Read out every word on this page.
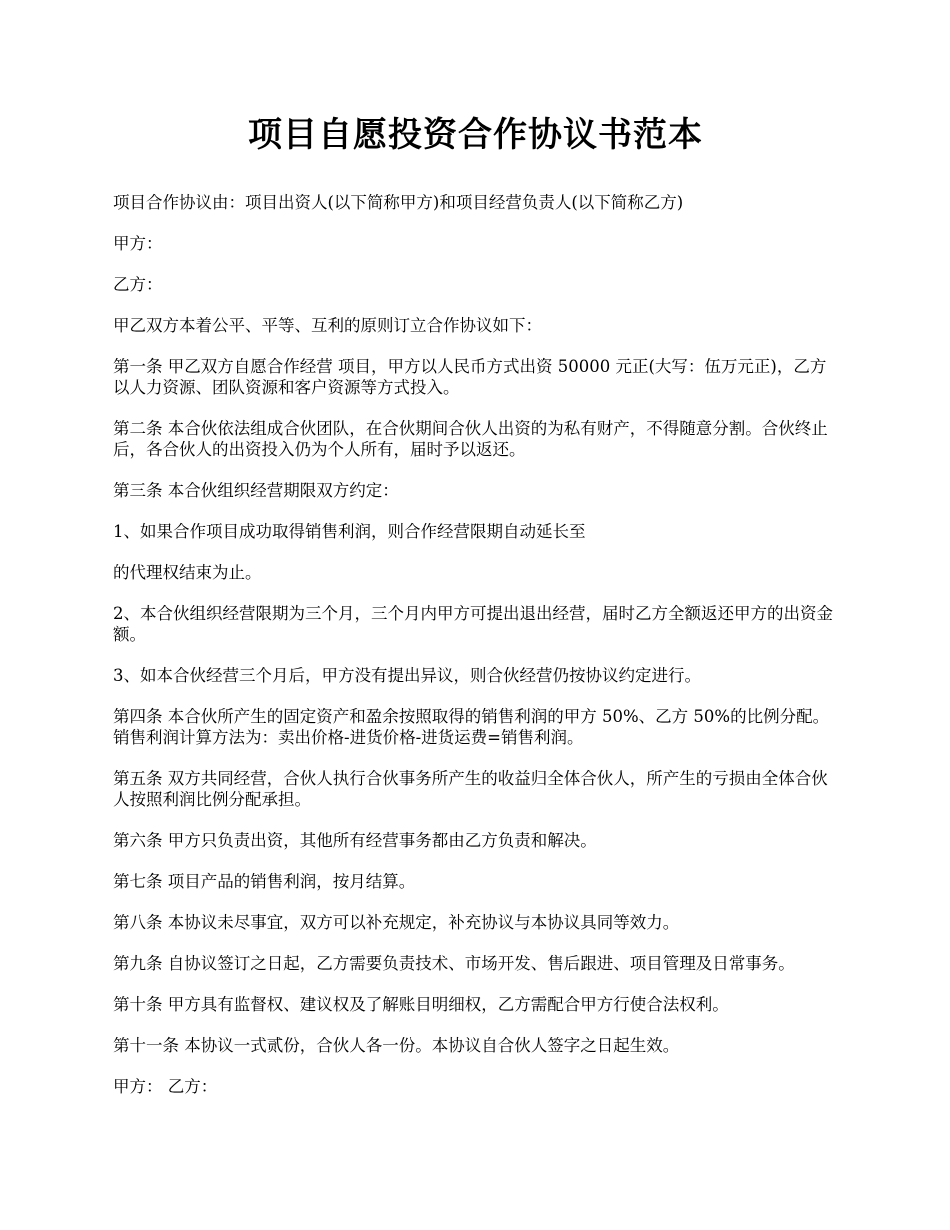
项目自愿投资合作协议书范本

项目合作协议由：项目出资人(以下简称甲方)和项目经营负责人(以下简称乙方)

甲方：

乙方：

甲乙双方本着公平、平等、互利的原则订立合作协议如下：

第一条 甲乙双方自愿合作经营 项目，甲方以人民币方式出资 50000 元正(大写：伍万元正)，乙方以人力资源、团队资源和客户资源等方式投入。

第二条 本合伙依法组成合伙团队，在合伙期间合伙人出资的为私有财产，不得随意分割。合伙终止后，各合伙人的出资投入仍为个人所有，届时予以返还。

第三条 本合伙组织经营期限双方约定：

1、如果合作项目成功取得销售利润，则合作经营限期自动延长至

的代理权结束为止。

2、本合伙组织经营限期为三个月，三个月内甲方可提出退出经营，届时乙方全额返还甲方的出资金额。

3、如本合伙经营三个月后，甲方没有提出异议，则合伙经营仍按协议约定进行。

第四条 本合伙所产生的固定资产和盈余按照取得的销售利润的甲方 50%、乙方 50%的比例分配。销售利润计算方法为：卖出价格-进货价格-进货运费=销售利润。

第五条 双方共同经营，合伙人执行合伙事务所产生的收益归全体合伙人，所产生的亏损由全体合伙人按照利润比例分配承担。

第六条 甲方只负责出资，其他所有经营事务都由乙方负责和解决。

第七条 项目产品的销售利润，按月结算。

第八条 本协议未尽事宜，双方可以补充规定，补充协议与本协议具同等效力。

第九条 自协议签订之日起，乙方需要负责技术、市场开发、售后跟进、项目管理及日常事务。

第十条 甲方具有监督权、建议权及了解账目明细权，乙方需配合甲方行使合法权利。

第十一条 本协议一式贰份，合伙人各一份。本协议自合伙人签字之日起生效。

甲方： 乙方：
